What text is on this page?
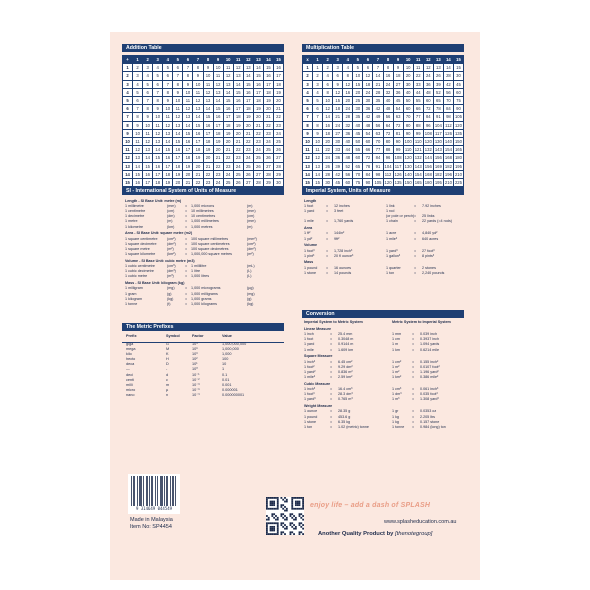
Addition Table
+	1	2	3	4	5	6	7	8	9	10	11	12	13	14	15
1	2	3	4	5	6	7	8	9	10	11	12	13	14	15	16
2	3	4	5	6	7	8	9	10	11	12	13	14	15	16	17
3	4	5	6	7	8	9	10	11	12	13	14	15	16	17	18
4	5	6	7	8	9	10	11	12	13	14	15	16	17	18	19
5	6	7	8	9	10	11	12	13	14	15	16	17	18	19	20
6	7	8	9	10	11	12	13	14	15	16	17	18	19	20	21
7	8	9	10	11	12	13	14	15	16	17	18	19	20	21	22
8	9	10	11	12	13	14	15	16	17	18	19	20	21	22	23
9	10	11	12	13	14	15	16	17	18	19	20	21	22	23	24
10	11	12	13	14	15	16	17	18	19	20	21	22	23	24	25
11	12	13	14	15	16	17	18	19	20	21	22	23	24	25	26
12	13	14	15	16	17	18	19	20	21	22	23	24	25	26	27
13	14	15	16	17	18	19	20	21	22	23	24	25	26	27	28
14	15	16	17	18	19	20	21	22	23	24	25	26	27	28	29
15	16	17	18	19	20	21	22	23	24	25	26	27	28	29	30
Multiplication Table
x	1	2	3	4	5	6	7	8	9	10	11	12	13	14	15
1	1	2	3	4	5	6	7	8	9	10	11	12	13	14	15
2	2	4	6	8	10	12	14	16	18	20	22	24	26	28	30
3	3	6	9	12	15	18	21	24	27	30	33	36	39	42	45
4	4	8	12	16	20	24	28	32	36	40	44	48	52	56	60
5	5	10	15	20	25	30	35	40	45	50	55	60	65	70	75
6	6	12	18	24	30	36	42	48	54	60	66	72	78	84	90
7	7	14	21	28	35	42	49	56	63	70	77	84	91	98	105
8	8	16	24	32	40	48	56	64	72	80	88	96	104	112	120
9	9	18	27	36	45	54	63	72	81	90	99	108	117	126	135
10	10	20	30	40	50	60	70	80	90	100	110	120	130	140	150
11	11	22	33	44	55	66	77	88	99	110	121	132	143	154	165
12	12	24	36	48	60	72	84	96	108	120	132	144	156	168	180
13	13	26	39	52	65	78	91	104	117	130	143	156	169	182	195
14	14	28	42	56	70	84	98	112	126	140	154	168	182	196	210
15	15	30	45	60	75	90	105	120	135	150	165	180	195	210	225
SI - International System of Units of Measure
Length - SI Base Unit: metre (m)
1 millimetre	(mm)	=	1,000 microns	(m)
1 centimetre	(cm)	=	10 millimetres	(mm)
1 decimetre	(dm)	=	10 centimetres	(cm)
1 metre	(m)	=	1,000 millimetres	(mm)
1 kilometre	(km)	=	1,000 metres	(m)
Area - SI Base Unit: square metre (m2)
1 square centimetre	(cm²)	=	100 square millimetres	(mm²)
1 square decimetre	(dm²)	=	100 square centimetres	(cm²)
1 square metre	(m²)	=	100 square decimetres	(dm²)
1 square kilometre	(km²)	=	1,000,000 square metres	(m²)
Volume - SI Base Unit: cubic metre (m3)
1 cubic centimetre	(cm³)	=	1 millilitre	(mL)
1 cubic decimetre	(dm³)	=	1 litre	(L)
1 cubic metre	(m³)	=	1,000 litres	(L)
Mass - SI Base Unit: kilogram (kg)
1 milligram	(mg)	=	1,000 micrograms	(µg)
1 gram	(g)	=	1,000 milligrams	(mg)
1 kilogram	(kg)	=	1,000 grams	(g)
1 tonne	(t)	=	1,000 kilograms	(kg)
Imperial System, Units of Measure
Length
1 foot	=	12 inches	1 link	=	7.92 inches
1 yard	=	3 feet	1 rod
(or pole or perch) =	25 links
1 mile	=	1,760 yards	1 chain	=	22 yards (=4 rods)
Area
1 ft²	=	144in²	1 acre	=	4,840 yd²
1 yd²	=	9ft²	1 mile²	=	640 acres
Volume
1 foot³	=	1,728 inch³	1 yard³	=	27 foot³
1 pint³	=	20 fl ounce³	1 gallon³	=	8 pints³
Mass
1 pound	=	16 ounces	1 quarter	=	2 stones
1 stone	=	14 pounds	1 ton	=	2,240 pounds
Conversion
Imperial System to Metric System	Metric System to Imperial System
Linear Measure
1 inch	=	25.4 mm	1 mm	=	0.039 inch
1 foot	=	0.3048 m	1 cm	=	0.3937 inch
1 yard	=	0.9144 m	1 m	=	1.094 yards
1 mile	=	1.609 km	1 km	=	0.6214 mile
Square Measure
1 inch²	=	6.45 cm²	1 cm²	=	0.155 inch²
1 foot²	=	9.29 dm²	1 m²	=	0.0107 foot²
1 yard²	=	0.836 m²	1 m²	=	1.196 yard²
1 mile²	=	2.59 km²	1 km²	=	0.386 mile²
Cubic Measure
1 inch³	=	16.4 cm³	1 cm³	=	0.061 inch³
1 foot³	=	28.3 dm³	1 dm³	=	0.035 foot³
1 yard³	=	0.765 m³	1 m³	=	1.308 yard³
Weight Measure
1 ounce	=	28.35 g	1 gr	=	0.0353 oz
1 pound	=	453.6 g	1 kg	=	2.205 lbs
1 stone	=	6.35 kg	1 kg	=	0.157 stone
1 ton	=	1.02 (metric) tonne	1 tonne	=	0.984 (long) ton
The Metric Prefixes
Prefix	Symbol	Factor	Value
giga	G	10⁹	1,000,000,000
mega	M	10⁶	1,000,000
kilo	K	10³	1,000
hecto	H	10²	100
deca	D	10¹	10
—	-	10⁰	1
deci	d	10⁻¹	0.1
centi	c	10⁻²	0.01
milli	m	10⁻³	0.001
micro	µ	10⁻⁶	0.000001
nano	n	10⁻⁹	0.000000001
9 314649 044549
Made in Malaysia
Item No: SP4454
enjoy life – add a dash of SPLASH
www.splasheducation.com.au
Another Quality Product by [thenotegroup]
